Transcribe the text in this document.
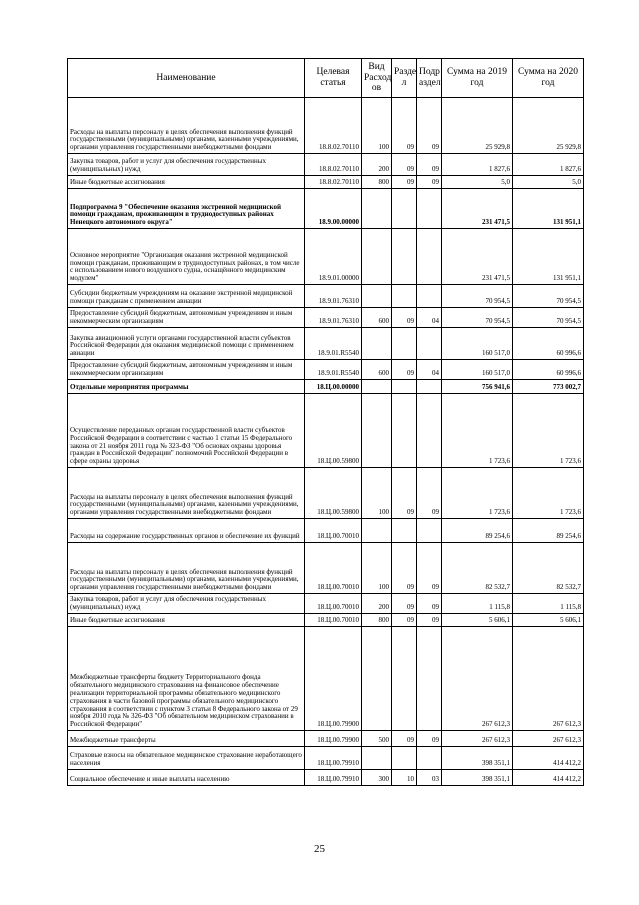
Наименование	Целевая статья	Вид Расход ов	Разде л	Подр аздел	Сумма на 2019 год	Сумма на 2020 год
Расходы на выплаты персоналу в целях обеспечения выполнения функций государственными (муниципальными) органами, казенными учреждениями, органами управления государственными внебюджетными фондами	18.8.02.70110	100	09	09	25 929,8	25 929,8
Закупка товаров, работ и услуг для обеспечения государственных (муниципальных) нужд	18.8.02.70110	200	09	09	1 827,6	1 827,6
Иные бюджетные ассигнования	18.8.02.70110	800	09	09	5,0	5,0
Подпрограмма 9 "Обеспечение оказания экстренной медицинской помощи гражданам, проживающим в труднодоступных районах Ненецкого автономного округа"	18.9.00.00000				231 471,5	131 951,1
Основное мероприятие "Организация оказания экстренной медицинской помощи гражданам, проживающим в труднодоступных районах, в том числе с использованием нового воздушного судна, оснащённого медицинским модулем"	18.9.01.00000				231 471,5	131 951,1
Субсидии бюджетным учреждениям на оказание экстренной медицинской помощи гражданам с применением авиации	18.9.01.76310				70 954,5	70 954,5
Предоставление субсидий бюджетным, автономным учреждениям и иным некоммерческим организациям	18.9.01.76310	600	09	04	70 954,5	70 954,5
Закупка авиационной услуги органами государственной власти субъектов Российской Федерации для оказания медицинской помощи с применением авиации	18.9.01.R5540				160 517,0	60 996,6
Предоставление субсидий бюджетным, автономным учреждениям и иным некоммерческим организациям	18.9.01.R5540	600	09	04	160 517,0	60 996,6
Отдельные мероприятия программы	18.Ц.00.00000				756 941,6	773 002,7
Осуществление переданных органам государственной власти субъектов Российской Федерации в соответствии с частью 1 статьи 15 Федерального закона от 21 ноября 2011 года № 323-ФЗ "Об основах охраны здоровья граждан в Российской Федерации" полномочий Российской Федерации в сфере охраны здоровья	18.Ц.00.59800				1 723,6	1 723,6
Расходы на выплаты персоналу в целях обеспечения выполнения функций государственными (муниципальными) органами, казенными учреждениями, органами управления государственными внебюджетными фондами	18.Ц.00.59800	100	09	09	1 723,6	1 723,6
Расходы на содержание государственных органов и обеспечение их функций	18.Ц.00.70010				89 254,6	89 254,6
Расходы на выплаты персоналу в целях обеспечения выполнения функций государственными (муниципальными) органами, казенными учреждениями, органами управления государственными внебюджетными фондами	18.Ц.00.70010	100	09	09	82 532,7	82 532,7
Закупка товаров, работ и услуг для обеспечения государственных (муниципальных) нужд	18.Ц.00.70010	200	09	09	1 115,8	1 115,8
Иные бюджетные ассигнования	18.Ц.00.70010	800	09	09	5 606,1	5 606,1
Межбюджетные трансферты бюджету Территориального фонда обязательного медицинского страхования на финансовое обеспечение реализации территориальной программы обязательного медицинского страхования в части базовой программы обязательного медицинского страхования в соответствии с пунктом 3 статьи 8 Федерального закона от 29 ноября 2010 года № 326-ФЗ "Об обязательном медицинском страховании в Российской Федерации"	18.Ц.00.79900				267 612,3	267 612,3
Межбюджетные трансферты	18.Ц.00.79900	500	09	09	267 612,3	267 612,3
Страховые взносы на обязательное медицинское страхование неработающего населения	18.Ц.00.79910				398 351,1	414 412,2
Социальное обеспечение и иные выплаты населению	18.Ц.00.79910	300	10	03	398 351,1	414 412,2
25
